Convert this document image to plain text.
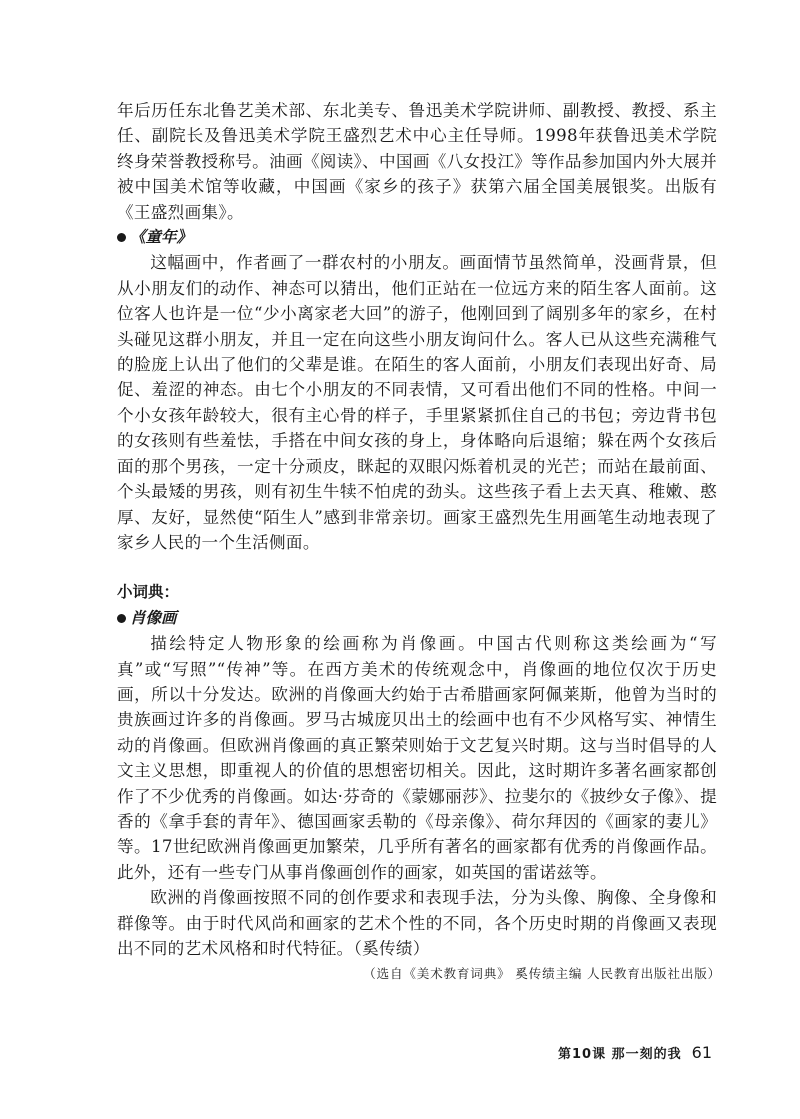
年后历任东北鲁艺美术部、东北美专、鲁迅美术学院讲师、副教授、教授、系主任、副院长及鲁迅美术学院王盛烈艺术中心主任导师。1998年获鲁迅美术学院终身荣誉教授称号。油画《阅读》、中国画《八女投江》等作品参加国内外大展并被中国美术馆等收藏，中国画《家乡的孩子》获第六届全国美展银奖。出版有《王盛烈画集》。

《童年》

这幅画中，作者画了一群农村的小朋友。画面情节虽然简单，没画背景，但从小朋友们的动作、神态可以猜出，他们正站在一位远方来的陌生客人面前。这位客人也许是一位“少小离家老大回”的游子，他刚回到了阔别多年的家乡，在村头碰见这群小朋友，并且一定在向这些小朋友询问什么。客人已从这些充满稚气的脸庞上认出了他们的父辈是谁。在陌生的客人面前，小朋友们表现出好奇、局促、羞涩的神态。由七个小朋友的不同表情，又可看出他们不同的性格。中间一个小女孩年龄较大，很有主心骨的样子，手里紧紧抓住自己的书包；旁边背书包的女孩则有些羞怯，手搭在中间女孩的身上，身体略向后退缩；躲在两个女孩后面的那个男孩，一定十分顽皮，眯起的双眼闪烁着机灵的光芒；而站在最前面、个头最矮的男孩，则有初生牛犊不怕虎的劲头。这些孩子看上去天真、稚嫩、憨厚、友好，显然使“陌生人”感到非常亲切。画家王盛烈先生用画笔生动地表现了家乡人民的一个生活侧面。

小词典：

肖像画

描绘特定人物形象的绘画称为肖像画。中国古代则称这类绘画为“写真”或“写照”“传神”等。在西方美术的传统观念中，肖像画的地位仅次于历史画，所以十分发达。欧洲的肖像画大约始于古希腊画家阿佩莱斯，他曾为当时的贵族画过许多的肖像画。罗马古城庞贝出土的绘画中也有不少风格写实、神情生动的肖像画。但欧洲肖像画的真正繁荣则始于文艺复兴时期。这与当时倡导的人文主义思想，即重视人的价值的思想密切相关。因此，这时期许多著名画家都创作了不少优秀的肖像画。如达·芬奇的《蒙娜丽莎》、拉斐尔的《披纱女子像》、提香的《拿手套的青年》、德国画家丢勒的《母亲像》、荷尔拜因的《画家的妻儿》等。17世纪欧洲肖像画更加繁荣，几乎所有著名的画家都有优秀的肖像画作品。此外，还有一些专门从事肖像画创作的画家，如英国的雷诺兹等。

欧洲的肖像画按照不同的创作要求和表现手法，分为头像、胸像、全身像和群像等。由于时代风尚和画家的艺术个性的不同，各个历史时期的肖像画又表现出不同的艺术风格和时代特征。（奚传绩）

（选自《美术教育词典》 奚传绩主编 人民教育出版社出版）

第10课 那一刻的我 61
